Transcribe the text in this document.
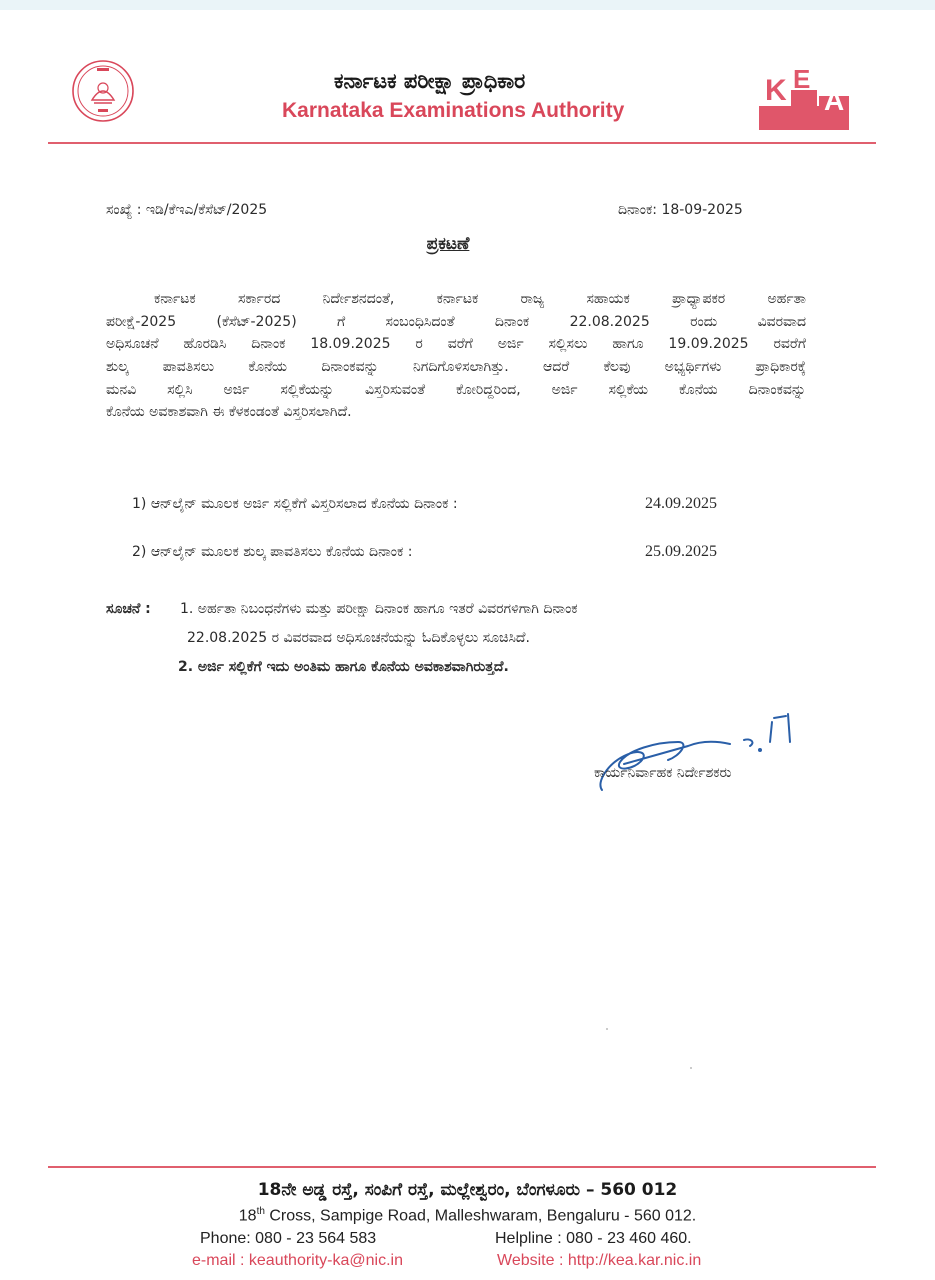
ಕರ್ನಾಟಕ ಪರೀಕ್ಷಾ ಪ್ರಾಧಿಕಾರ
Karnataka Examinations Authority
K E
A
ಸಂಖ್ಯೆ : ಇಡಿ/ಕೆಇಎ/ಕೆಸೆಟ್/2025	ದಿನಾಂಕ: 18-09-2025
ಪ್ರಕಟಣೆ
ಕರ್ನಾಟಕ ಸರ್ಕಾರದ ನಿರ್ದೇಶನದಂತೆ, ಕರ್ನಾಟಕ ರಾಜ್ಯ ಸಹಾಯಕ ಪ್ರಾಧ್ಯಾಪಕರ ಅರ್ಹತಾ
ಪರೀಕ್ಷೆ-2025 (ಕೆಸೆಟ್-2025) ಗೆ ಸಂಬಂಧಿಸಿದಂತೆ ದಿನಾಂಕ 22.08.2025 ರಂದು ವಿವರವಾದ
ಅಧಿಸೂಚನೆ ಹೊರಡಿಸಿ ದಿನಾಂಕ 18.09.2025 ರ ವರೆಗೆ ಅರ್ಜಿ ಸಲ್ಲಿಸಲು ಹಾಗೂ 19.09.2025 ರವರೆಗೆ
ಶುಲ್ಕ ಪಾವತಿಸಲು ಕೊನೆಯ ದಿನಾಂಕವನ್ನು ನಿಗದಿಗೊಳಿಸಲಾಗಿತ್ತು. ಆದರೆ ಕೆಲವು ಅಭ್ಯರ್ಥಿಗಳು ಪ್ರಾಧಿಕಾರಕ್ಕೆ
ಮನವಿ ಸಲ್ಲಿಸಿ ಅರ್ಜಿ ಸಲ್ಲಿಕೆಯನ್ನು ವಿಸ್ತರಿಸುವಂತೆ ಕೋರಿದ್ದರಿಂದ, ಅರ್ಜಿ ಸಲ್ಲಿಕೆಯ ಕೊನೆಯ ದಿನಾಂಕವನ್ನು
ಕೊನೆಯ ಅವಕಾಶವಾಗಿ ಈ ಕೆಳಕಂಡಂತೆ ವಿಸ್ತರಿಸಲಾಗಿದೆ.
1) ಆನ್‌ಲೈನ್ ಮೂಲಕ ಅರ್ಜಿ ಸಲ್ಲಿಕೆಗೆ ವಿಸ್ತರಿಸಲಾದ ಕೊನೆಯ ದಿನಾಂಕ :	24.09.2025
2) ಆನ್‌ಲೈನ್ ಮೂಲಕ ಶುಲ್ಕ ಪಾವತಿಸಲು ಕೊನೆಯ ದಿನಾಂಕ :	25.09.2025
ಸೂಚನೆ : 1. ಅರ್ಹತಾ ನಿಬಂಧನೆಗಳು ಮತ್ತು ಪರೀಕ್ಷಾ ದಿನಾಂಕ ಹಾಗೂ ಇತರೆ ವಿವರಗಳಿಗಾಗಿ ದಿನಾಂಕ
22.08.2025 ರ ವಿವರವಾದ ಅಧಿಸೂಚನೆಯನ್ನು ಓದಿಕೊಳ್ಳಲು ಸೂಚಿಸಿದೆ.
2. ಅರ್ಜಿ ಸಲ್ಲಿಕೆಗೆ ಇದು ಅಂತಿಮ ಹಾಗೂ ಕೊನೆಯ ಅವಕಾಶವಾಗಿರುತ್ತದೆ.
ಕಾರ್ಯನಿರ್ವಾಹಕ ನಿರ್ದೇಶಕರು
18ನೇ ಅಡ್ಡ ರಸ್ತೆ, ಸಂಪಿಗೆ ರಸ್ತೆ, ಮಲ್ಲೇಶ್ವರಂ, ಬೆಂಗಳೂರು – 560 012
18th Cross, Sampige Road, Malleshwaram, Bengaluru - 560 012.
Phone: 080 - 23 564 583	Helpline : 080 - 23 460 460.
e-mail : keauthority-ka@nic.in	Website : http://kea.kar.nic.in
